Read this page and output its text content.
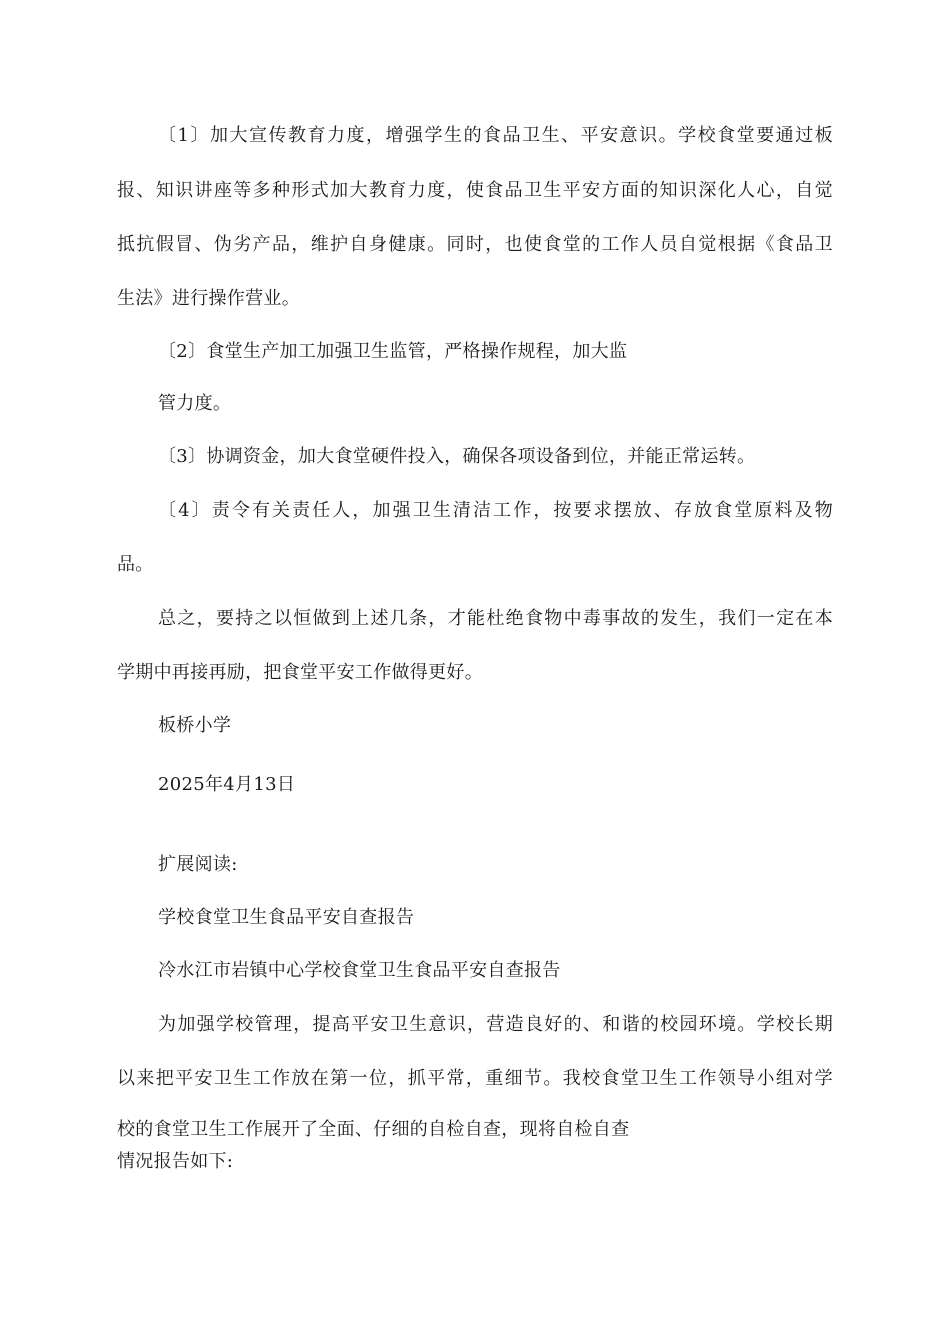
〔1〕加大宣传教育力度，增强学生的食品卫生、平安意识。学校食堂要通过板
报、知识讲座等多种形式加大教育力度，使食品卫生平安方面的知识深化人心，自觉
抵抗假冒、伪劣产品，维护自身健康。同时，也使食堂的工作人员自觉根据《食品卫
生法》进行操作营业。
〔2〕食堂生产加工加强卫生监管，严格操作规程，加大监
管力度。
〔3〕协调资金，加大食堂硬件投入，确保各项设备到位，并能正常运转。
〔4〕责令有关责任人，加强卫生清洁工作，按要求摆放、存放食堂原料及物
品。
总之，要持之以恒做到上述几条，才能杜绝食物中毒事故的发生，我们一定在本
学期中再接再励，把食堂平安工作做得更好。
板桥小学
2025年4月13日
扩展阅读:
学校食堂卫生食品平安自查报告
冷水江市岩镇中心学校食堂卫生食品平安自查报告
为加强学校管理，提高平安卫生意识，营造良好的、和谐的校园环境。学校长期
以来把平安卫生工作放在第一位，抓平常，重细节。我校食堂卫生工作领导小组对学
校的食堂卫生工作展开了全面、仔细的自检自查，现将自检自查
情况报告如下:
